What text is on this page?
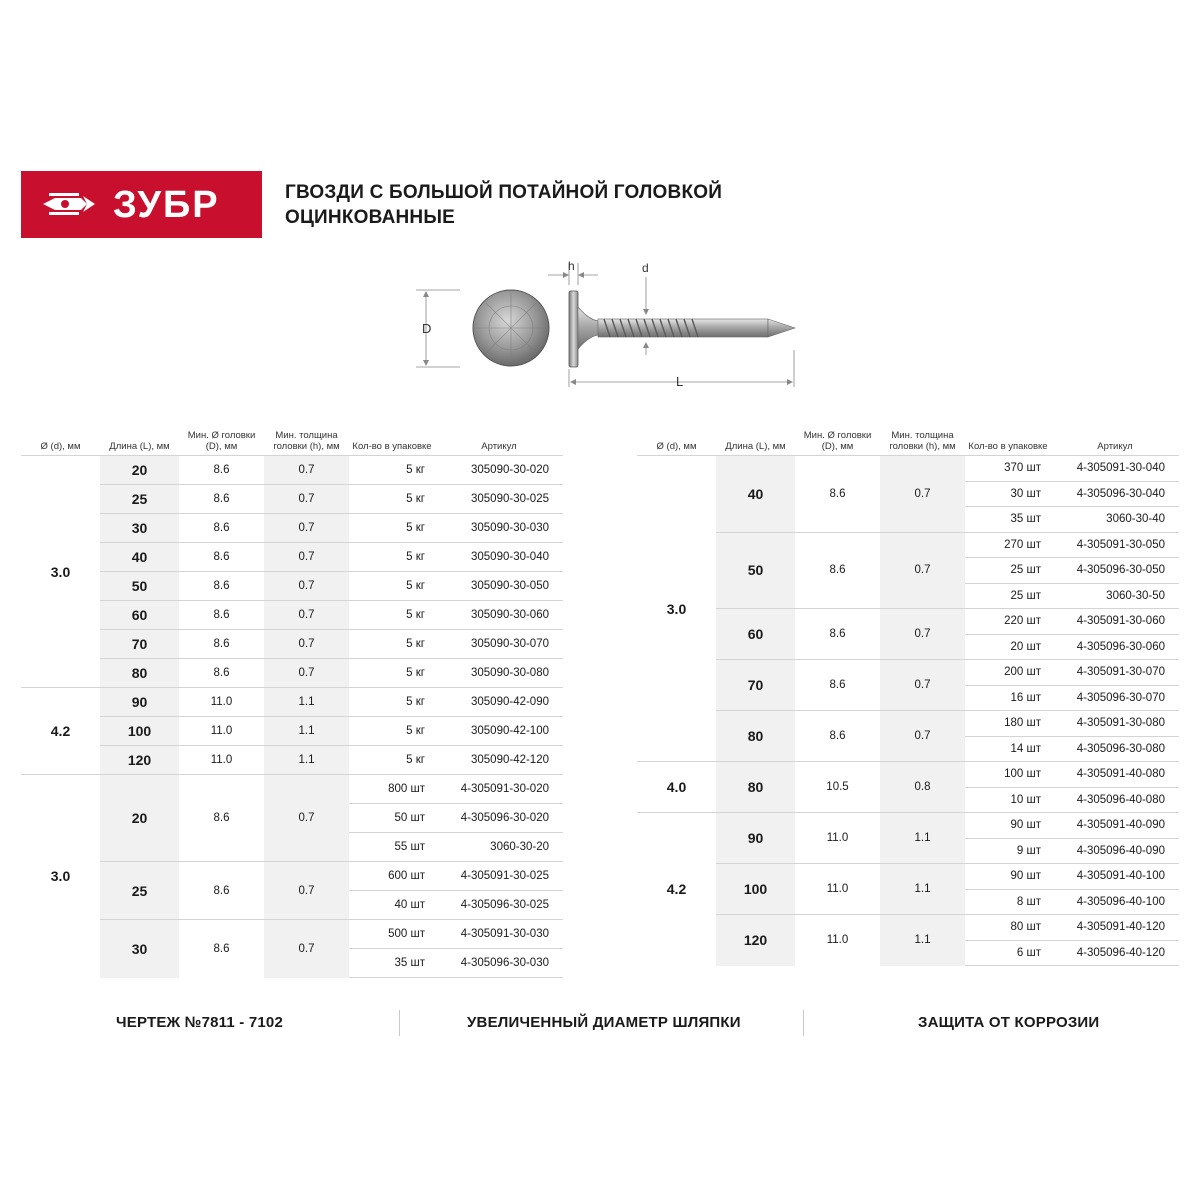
ЗУБР	ГВОЗДИ С БОЛЬШОЙ ПОТАЙНОЙ ГОЛОВКОЙ
ОЦИНКОВАННЫЕ
D
h	d
L
Ø (d), мм	Длина (L), мм	Мин. Ø головки (D), мм	Мин. толщина головки (h), мм	Кол-во в упаковке	Артикул
3.0	20	8.6	0.7	5 кг	305090-30-020
	25	8.6	0.7	5 кг	305090-30-025
	30	8.6	0.7	5 кг	305090-30-030
	40	8.6	0.7	5 кг	305090-30-040
	50	8.6	0.7	5 кг	305090-30-050
	60	8.6	0.7	5 кг	305090-30-060
	70	8.6	0.7	5 кг	305090-30-070
	80	8.6	0.7	5 кг	305090-30-080
4.2	90	11.0	1.1	5 кг	305090-42-090
	100	11.0	1.1	5 кг	305090-42-100
	120	11.0	1.1	5 кг	305090-42-120
3.0	20	8.6	0.7	800 шт	4-305091-30-020
				50 шт	4-305096-30-020
				55 шт	3060-30-20
	25	8.6	0.7	600 шт	4-305091-30-025
				40 шт	4-305096-30-025
	30	8.6	0.7	500 шт	4-305091-30-030
				35 шт	4-305096-30-030
Ø (d), мм	Длина (L), мм	Мин. Ø головки (D), мм	Мин. толщина головки (h), мм	Кол-во в упаковке	Артикул
3.0	40	8.6	0.7	370 шт	4-305091-30-040
				30 шт	4-305096-30-040
				35 шт	3060-30-40
	50	8.6	0.7	270 шт	4-305091-30-050
				25 шт	4-305096-30-050
				25 шт	3060-30-50
	60	8.6	0.7	220 шт	4-305091-30-060
				20 шт	4-305096-30-060
	70	8.6	0.7	200 шт	4-305091-30-070
				16 шт	4-305096-30-070
	80	8.6	0.7	180 шт	4-305091-30-080
				14 шт	4-305096-30-080
4.0	80	10.5	0.8	100 шт	4-305091-40-080
				10 шт	4-305096-40-080
4.2	90	11.0	1.1	90 шт	4-305091-40-090
				9 шт	4-305096-40-090
	100	11.0	1.1	90 шт	4-305091-40-100
				8 шт	4-305096-40-100
	120	11.0	1.1	80 шт	4-305091-40-120
				6 шт	4-305096-40-120
ЧЕРТЕЖ №7811 - 7102	УВЕЛИЧЕННЫЙ ДИАМЕТР ШЛЯПКИ	ЗАЩИТА ОТ КОРРОЗИИ
